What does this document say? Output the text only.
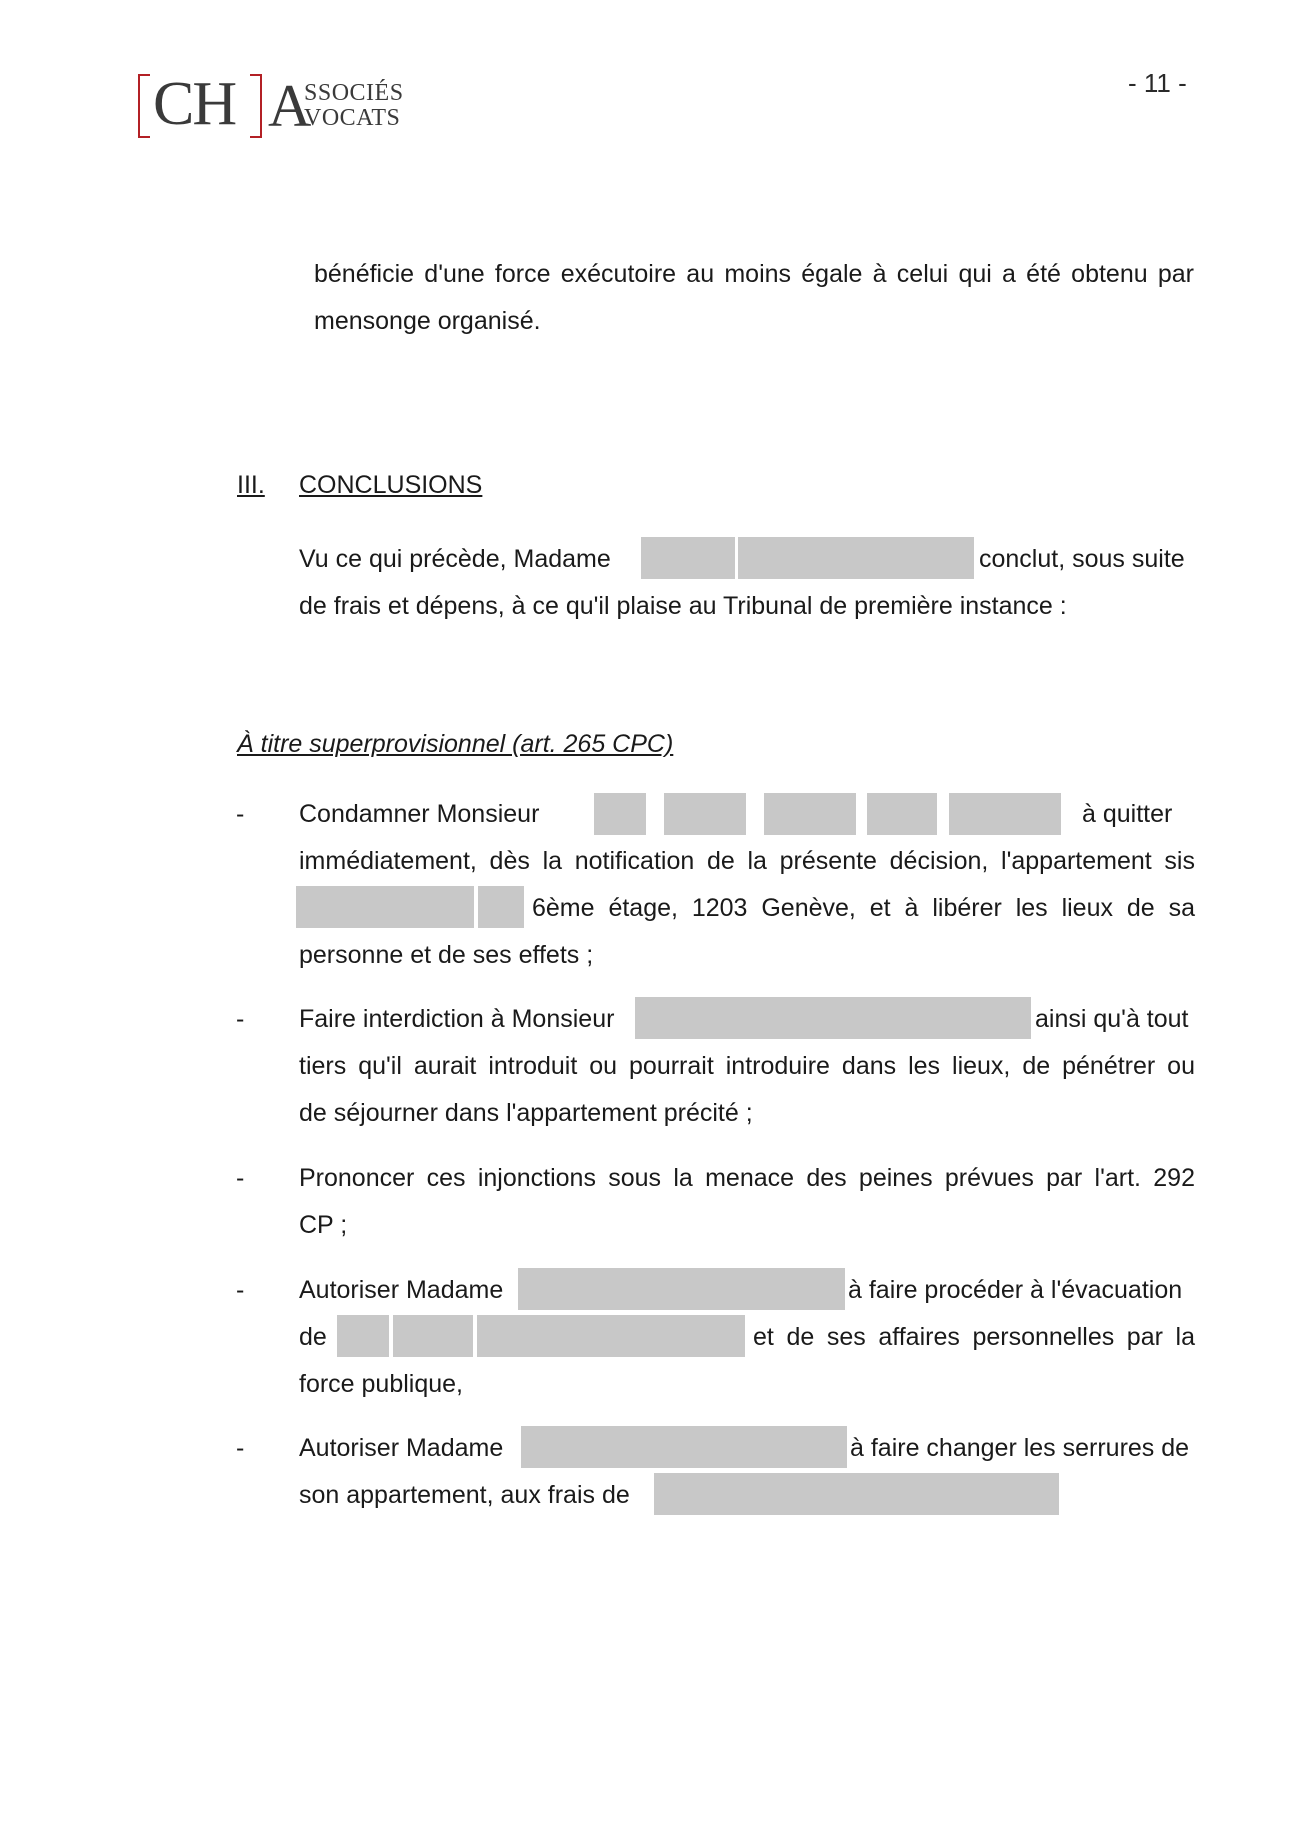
CH A
SSOCIÉS
VOCATS
- 11 -
bénéficie d'une force exécutoire au moins égale à celui qui a été obtenu par
mensonge organisé.
III. CONCLUSIONS
Vu ce qui précède, Madame	conclut, sous suite
de frais et dépens, à ce qu'il plaise au Tribunal de première instance :
À titre superprovisionnel (art. 265 CPC)
- Condamner Monsieur	à quitter
immédiatement, dès la notification de la présente décision, l'appartement sis
6ème étage, 1203 Genève, et à libérer les lieux de sa
personne et de ses effets ;
- Faire interdiction à Monsieur	ainsi qu'à tout
tiers qu'il aurait introduit ou pourrait introduire dans les lieux, de pénétrer ou
de séjourner dans l'appartement précité ;
- Prononcer ces injonctions sous la menace des peines prévues par l'art. 292
CP ;
- Autoriser Madame	à faire procéder à l'évacuation
de	et de ses affaires personnelles par la
force publique,
- Autoriser Madame	à faire changer les serrures de
son appartement, aux frais de
